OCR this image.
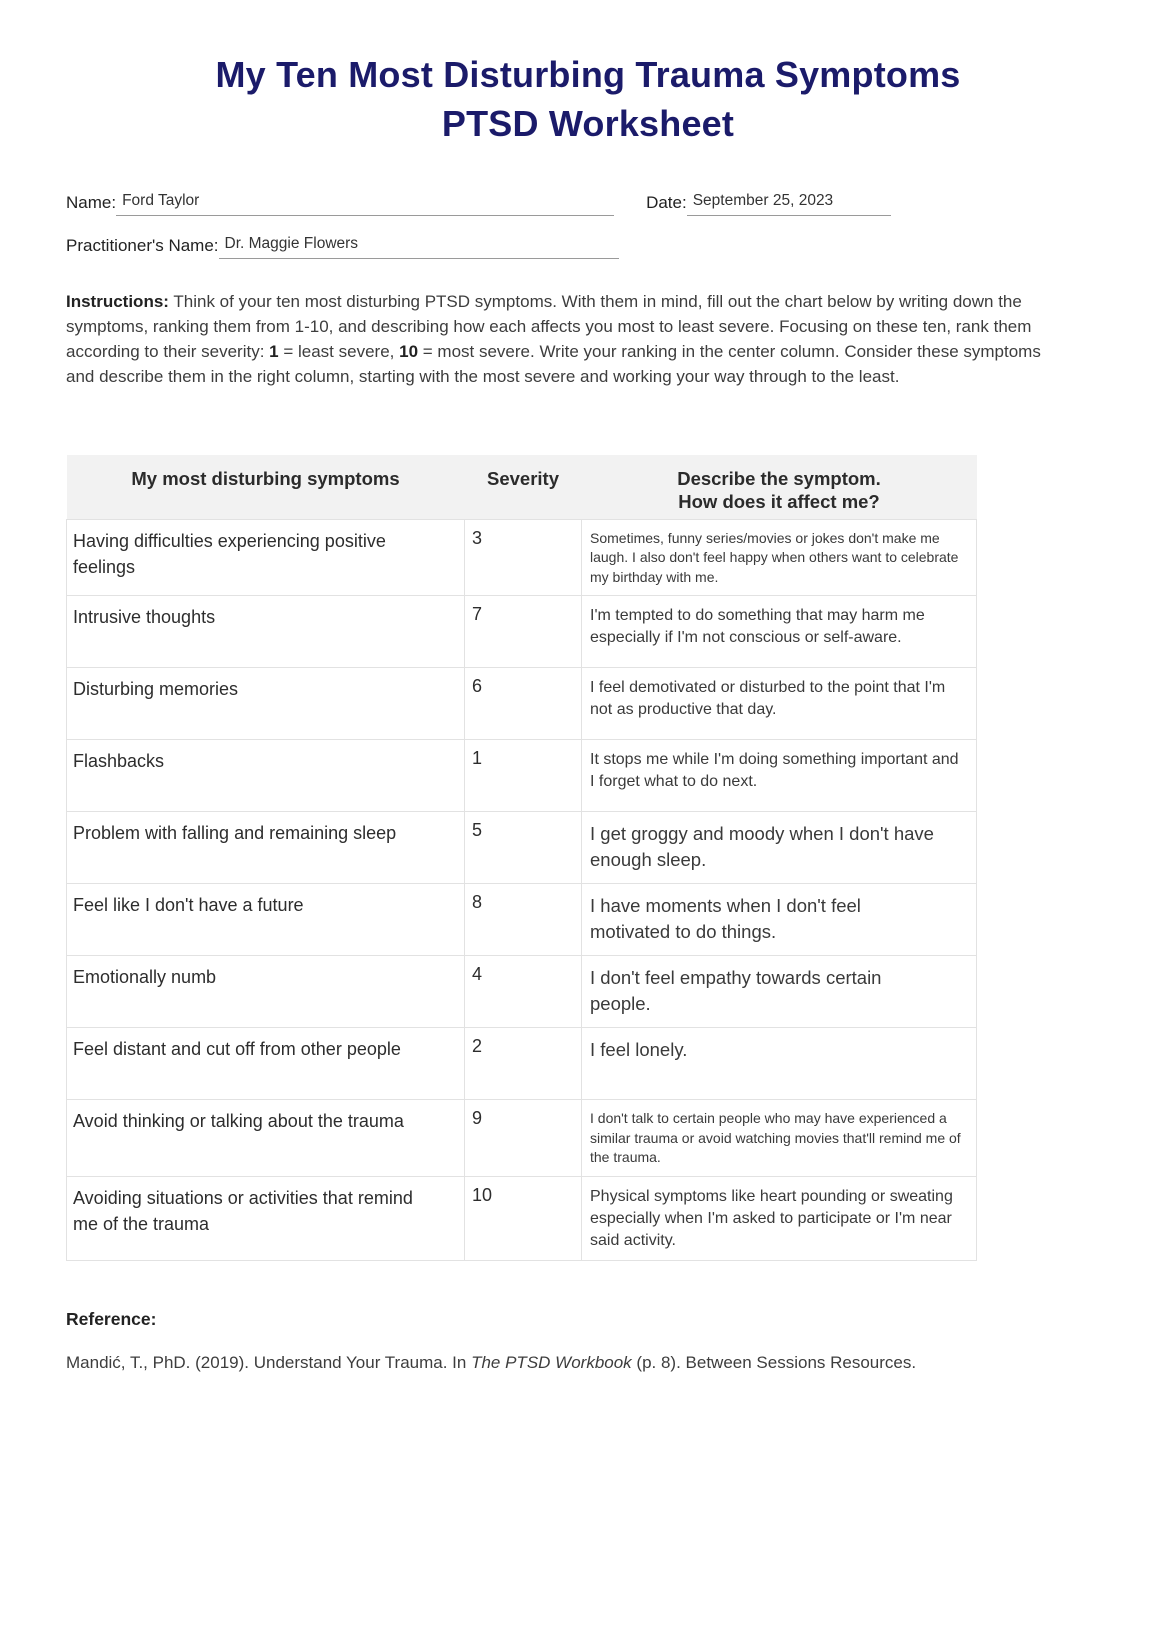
My Ten Most Disturbing Trauma Symptoms
PTSD Worksheet
Name: Ford Taylor	Date: September 25, 2023
Practitioner's Name: Dr. Maggie Flowers

Instructions: Think of your ten most disturbing PTSD symptoms. With them in mind, fill out the chart below by writing down the symptoms, ranking them from 1-10, and describing how each affects you most to least severe. Focusing on these ten, rank them according to their severity: 1 = least severe, 10 = most severe. Write your ranking in the center column. Consider these symptoms and describe them in the right column, starting with the most severe and working your way through to the least.

My most disturbing symptoms	Severity	Describe the symptom.
How does it affect me?

Having difficulties experiencing positive feelings	3	Sometimes, funny series/movies or jokes don't make me laugh. I also don't feel happy when others want to celebrate my birthday with me.
Intrusive thoughts	7	I'm tempted to do something that may harm me especially if I'm not conscious or self-aware.
Disturbing memories	6	I feel demotivated or disturbed to the point that I'm not as productive that day.
Flashbacks	1	It stops me while I'm doing something important and I forget what to do next.
Problem with falling and remaining sleep	5	I get groggy and moody when I don't have enough sleep.
Feel like I don't have a future	8	I have moments when I don't feel motivated to do things.
Emotionally numb	4	I don't feel empathy towards certain people.
Feel distant and cut off from other people	2	I feel lonely.
Avoid thinking or talking about the trauma	9	I don't talk to certain people who may have experienced a similar trauma or avoid watching movies that'll remind me of the trauma.
Avoiding situations or activities that remind me of the trauma	10	Physical symptoms like heart pounding or sweating especially when I'm asked to participate or I'm near said activity.
Reference:

Mandić, T., PhD. (2019). Understand Your Trauma. In The PTSD Workbook (p. 8). Between Sessions Resources.
